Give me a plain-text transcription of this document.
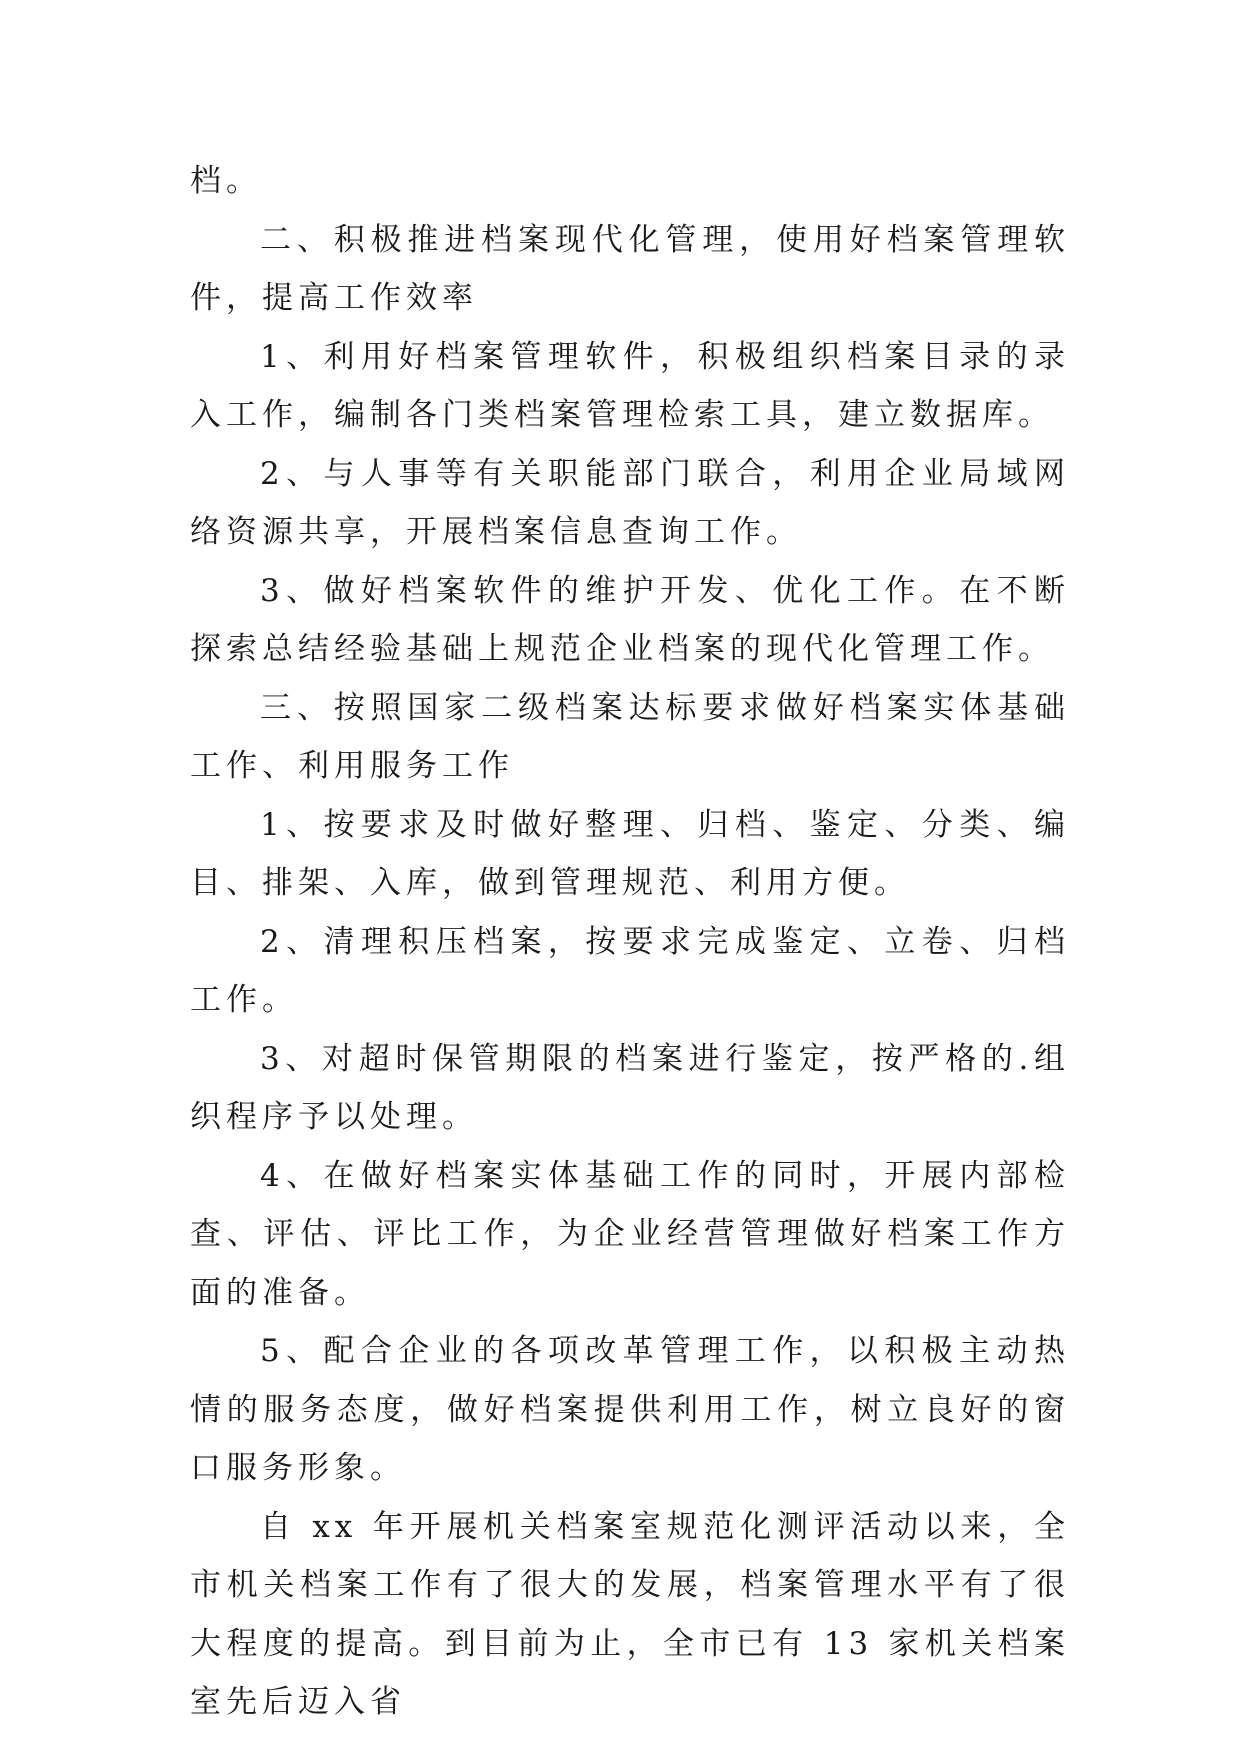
档。

二、积极推进档案现代化管理，使用好档案管理软件，提高工作效率

1、利用好档案管理软件，积极组织档案目录的录入工作，编制各门类档案管理检索工具，建立数据库。

2、与人事等有关职能部门联合，利用企业局域网络资源共享，开展档案信息查询工作。

3、做好档案软件的维护开发、优化工作。在不断探索总结经验基础上规范企业档案的现代化管理工作。

三、按照国家二级档案达标要求做好档案实体基础工作、利用服务工作

1、按要求及时做好整理、归档、鉴定、分类、编目、排架、入库，做到管理规范、利用方便。

2、清理积压档案，按要求完成鉴定、立卷、归档工作。

3、对超时保管期限的档案进行鉴定，按严格的.组织程序予以处理。

4、在做好档案实体基础工作的同时，开展内部检查、评估、评比工作，为企业经营管理做好档案工作方面的准备。

5、配合企业的各项改革管理工作，以积极主动热情的服务态度，做好档案提供利用工作，树立良好的窗口服务形象。

自 xx 年开展机关档案室规范化测评活动以来，全市机关档案工作有了很大的发展，档案管理水平有了很大程度的提高。到目前为止，全市已有 13 家机关档案室先后迈入省
